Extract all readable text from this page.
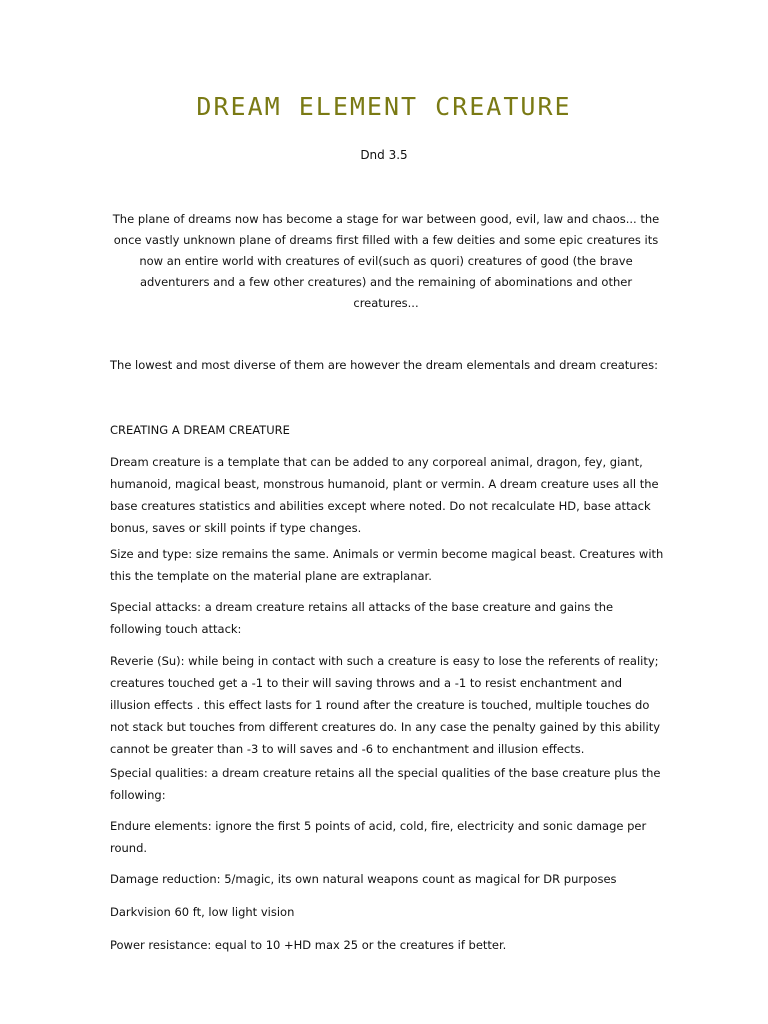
DREAM ELEMENT CREATURE

Dnd 3.5

The plane of dreams now has become a stage for war between good, evil, law and chaos... the once vastly unknown plane of dreams first filled with a few deities and some epic creatures its now an entire world with creatures of evil(such as quori) creatures of good (the brave adventurers and a few other creatures) and the remaining of abominations and other creatures...

The lowest and most diverse of them are however the dream elementals and dream creatures:

CREATING A DREAM CREATURE

Dream creature is a template that can be added to any corporeal animal, dragon, fey, giant, humanoid, magical beast, monstrous humanoid, plant or vermin. A dream creature uses all the base creatures statistics and abilities except where noted. Do not recalculate HD, base attack bonus, saves or skill points if type changes.

Size and type: size remains the same. Animals or vermin become magical beast. Creatures with this the template on the material plane are extraplanar.

Special attacks: a dream creature retains all attacks of the base creature and gains the following touch attack:

Reverie (Su): while being in contact with such a creature is easy to lose the referents of reality; creatures touched get a -1 to their will saving throws and a -1 to resist enchantment and illusion effects . this effect lasts for 1 round after the creature is touched, multiple touches do not stack but touches from different creatures do. In any case the penalty gained by this ability cannot be greater than -3 to will saves and -6 to enchantment and illusion effects.

Special qualities: a dream creature retains all the special qualities of the base creature plus the following:

Endure elements: ignore the first 5 points of acid, cold, fire, electricity and sonic damage per round.

Damage reduction: 5/magic, its own natural weapons count as magical for DR purposes

Darkvision 60 ft, low light vision

Power resistance: equal to 10 +HD max 25 or the creatures if better.
